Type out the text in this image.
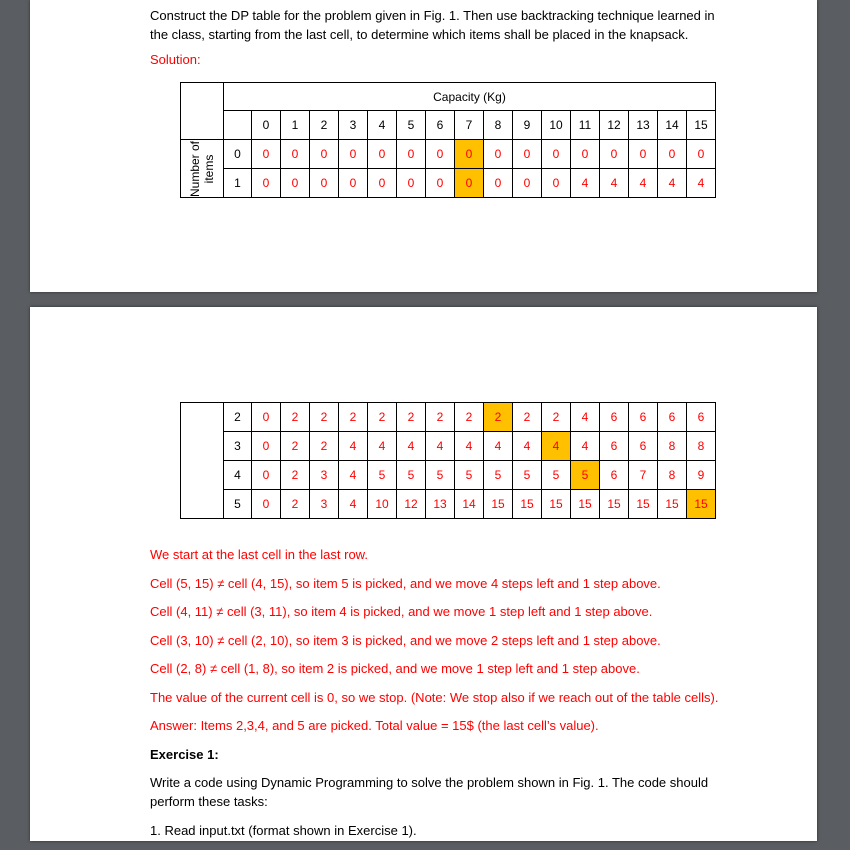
Construct the DP table for the problem given in Fig. 1. Then use backtracking technique learned in the class, starting from the last cell, to determine which items shall be placed in the knapsack.

Solution:
	Capacity (Kg)																
		0	1	2	3	4	5	6	7	8	9	10	11	12	13	14	15

Number of items	0	0	0	0	0	0	0	0	0	0	0	0	0	0	0	0	0
	1	0	0	0	0	0	0	0	0	0	0	0	4	4	4	4	4
	2	0	2	2	2	2	2	2	2	2	2	2	4	6	6	6	6
	3	0	2	2	4	4	4	4	4	4	4	4	4	6	6	8	8
	4	0	2	3	4	5	5	5	5	5	5	5	5	6	7	8	9
	5	0	2	3	4	10	12	13	14	15	15	15	15	15	15	15	15

We start at the last cell in the last row.

Cell (5, 15) ≠ cell (4, 15), so item 5 is picked, and we move 4 steps left and 1 step above.

Cell (4, 11) ≠ cell (3, 11), so item 4 is picked, and we move 1 step left and 1 step above.

Cell (3, 10) ≠ cell (2, 10), so item 3 is picked, and we move 2 steps left and 1 step above.

Cell (2, 8) ≠ cell (1, 8), so item 2 is picked, and we move 1 step left and 1 step above.

The value of the current cell is 0, so we stop. (Note: We stop also if we reach out of the table cells).

Answer: Items 2,3,4, and 5 are picked. Total value = 15$ (the last cell’s value).

Exercise 1:

Write a code using Dynamic Programming to solve the problem shown in Fig. 1. The code should perform these tasks:

1. Read input.txt (format shown in Exercise 1).
